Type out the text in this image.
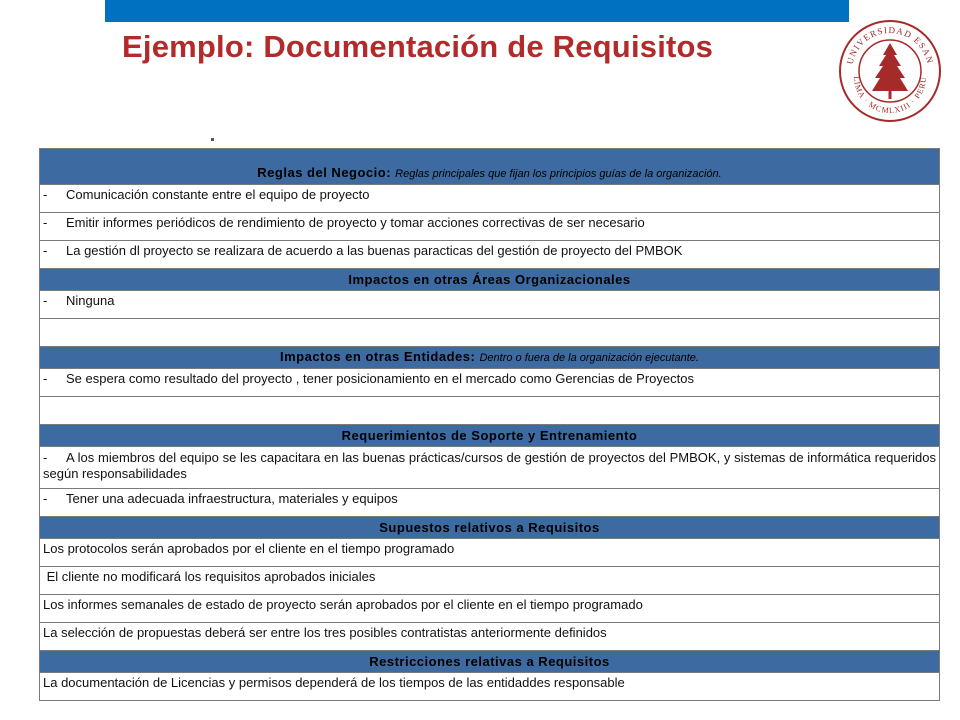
Ejemplo: Documentación de Requisitos	UNIVERSIDAD ESAN
LIMA · MCMLXIII · PERU
Reglas del Negocio: Reglas principales que fijan los principios guías de la organización.
- Comunicación constante entre el equipo de proyecto
- Emitir informes periódicos de rendimiento de proyecto y tomar acciones correctivas de ser necesario
- La gestión dl proyecto se realizara de acuerdo a las buenas paracticas del gestión de proyecto del PMBOK
Impactos en otras Áreas Organizacionales
- Ninguna

Impactos en otras Entidades: Dentro o fuera de la organización ejecutante.
- Se espera como resultado del proyecto , tener posicionamiento en el mercado como Gerencias de Proyectos

Requerimientos de Soporte y Entrenamiento
- A los miembros del equipo se les capacitara en las buenas prácticas/cursos de gestión de proyectos del PMBOK, y sistemas de informática requeridos según responsabilidades
- Tener una adecuada infraestructura, materiales y equipos
Supuestos relativos a Requisitos
Los protocolos serán aprobados por el cliente en el tiempo programado
El cliente no modificará los requisitos aprobados iniciales
Los informes semanales de estado de proyecto serán aprobados por el cliente en el tiempo programado
La selección de propuestas deberá ser entre los tres posibles contratistas anteriormente definidos
Restricciones relativas a Requisitos
La documentación de Licencias y permisos dependerá de los tiempos de las entidaddes responsable
